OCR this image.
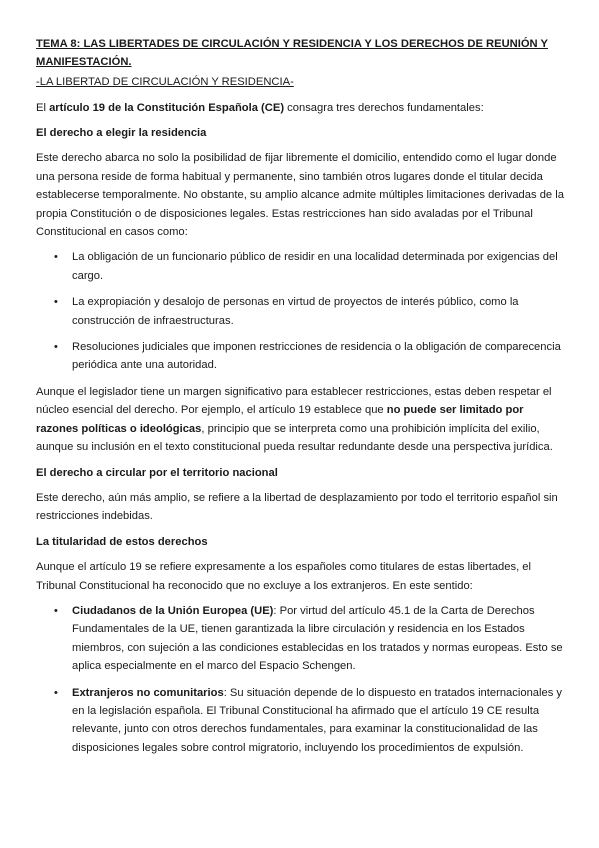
TEMA 8: LAS LIBERTADES DE CIRCULACIÓN Y RESIDENCIA Y LOS DERECHOS DE REUNIÓN Y MANIFESTACIÓN.
-LA LIBERTAD DE CIRCULACIÓN Y RESIDENCIA-

El artículo 19 de la Constitución Española (CE) consagra tres derechos fundamentales:

El derecho a elegir la residencia

Este derecho abarca no solo la posibilidad de fijar libremente el domicilio, entendido como el lugar donde una persona reside de forma habitual y permanente, sino también otros lugares donde el titular decida establecerse temporalmente. No obstante, su amplio alcance admite múltiples limitaciones derivadas de la propia Constitución o de disposiciones legales. Estas restricciones han sido avaladas por el Tribunal Constitucional en casos como:

• La obligación de un funcionario público de residir en una localidad determinada por exigencias del cargo.
• La expropiación y desalojo de personas en virtud de proyectos de interés público, como la construcción de infraestructuras.
• Resoluciones judiciales que imponen restricciones de residencia o la obligación de comparecencia periódica ante una autoridad.

Aunque el legislador tiene un margen significativo para establecer restricciones, estas deben respetar el núcleo esencial del derecho. Por ejemplo, el artículo 19 establece que no puede ser limitado por razones políticas o ideológicas, principio que se interpreta como una prohibición implícita del exilio, aunque su inclusión en el texto constitucional pueda resultar redundante desde una perspectiva jurídica.

El derecho a circular por el territorio nacional

Este derecho, aún más amplio, se refiere a la libertad de desplazamiento por todo el territorio español sin restricciones indebidas.

La titularidad de estos derechos

Aunque el artículo 19 se refiere expresamente a los españoles como titulares de estas libertades, el Tribunal Constitucional ha reconocido que no excluye a los extranjeros. En este sentido:

• Ciudadanos de la Unión Europea (UE): Por virtud del artículo 45.1 de la Carta de Derechos Fundamentales de la UE, tienen garantizada la libre circulación y residencia en los Estados miembros, con sujeción a las condiciones establecidas en los tratados y normas europeas. Esto se aplica especialmente en el marco del Espacio Schengen.
• Extranjeros no comunitarios: Su situación depende de lo dispuesto en tratados internacionales y en la legislación española. El Tribunal Constitucional ha afirmado que el artículo 19 CE resulta relevante, junto con otros derechos fundamentales, para examinar la constitucionalidad de las disposiciones legales sobre control migratorio, incluyendo los procedimientos de expulsión.
